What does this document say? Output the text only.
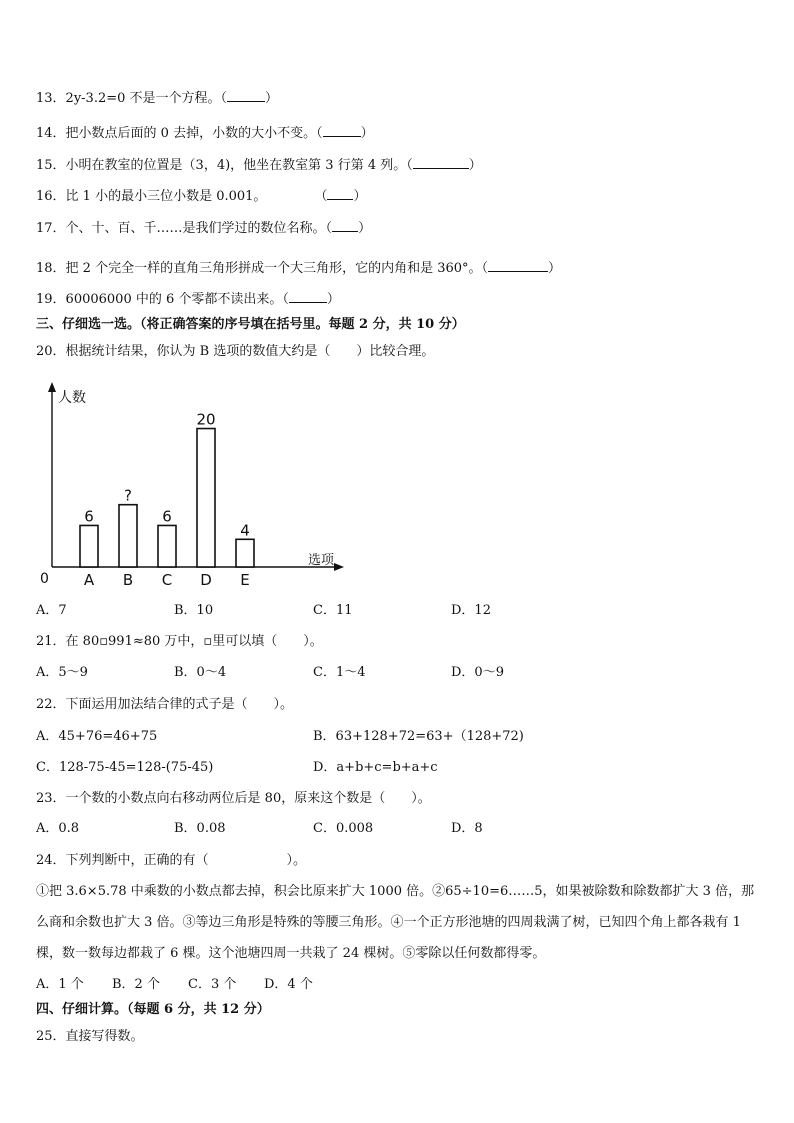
13．2y-3.2=0 不是一个方程。（	）
14．把小数点后面的 0 去掉，小数的大小不变。（	）
15．小明在教室的位置是（3，4)，他坐在教室第 3 行第 4 列。（	）
16．比 1 小的最小三位小数是 0.001。	（ ）
17．个、十、百、千……是我们学过的数位名称。（ ）
18．把 2 个完全一样的直角三角形拼成一个大三角形，它的内角和是 360°。（	）
19．60006000 中的 6 个零都不读出来。（	）
三、仔细选一选。（将正确答案的序号填在括号里。每题 2 分，共 10 分）
20．根据统计结果，你认为 B 选项的数值大约是（　　）比较合理。
人数
选项
0
6
A
?
B
6
C
20
D
4
E
A．7	B．10	C．11	D．12
21．在 80▫991≈80 万中，▫里可以填（　　）。
A．5～9	B．0～4	C．1～4	D．0～9
22．下面运用加法结合律的式子是（　　）。
A．45+76=46+75	B．63+128+72=63+（128+72)
C．128-75-45=128-(75-45)	D．a+b+c=b+a+c
23．一个数的小数点向右移动两位后是 80，原来这个数是（　　）。
A．0.8	B．0.08	C．0.008	D．8
24．下列判断中，正确的有（　　　　　　）。
①把 3.6×5.78 中乘数的小数点都去掉，积会比原来扩大 1000 倍。②65÷10=6……5，如果被除数和除数都扩大 3 倍，那么商和余数也扩大 3 倍。③等边三角形是特殊的等腰三角形。④一个正方形池塘的四周栽满了树，已知四个角上都各栽有 1 棵，数一数每边都栽了 6 棵。这个池塘四周一共栽了 24 棵树。⑤零除以任何数都得零。
A．1 个 B．2 个 C．3 个 D．4 个
四、仔细计算。（每题 6 分，共 12 分）
25．直接写得数。
